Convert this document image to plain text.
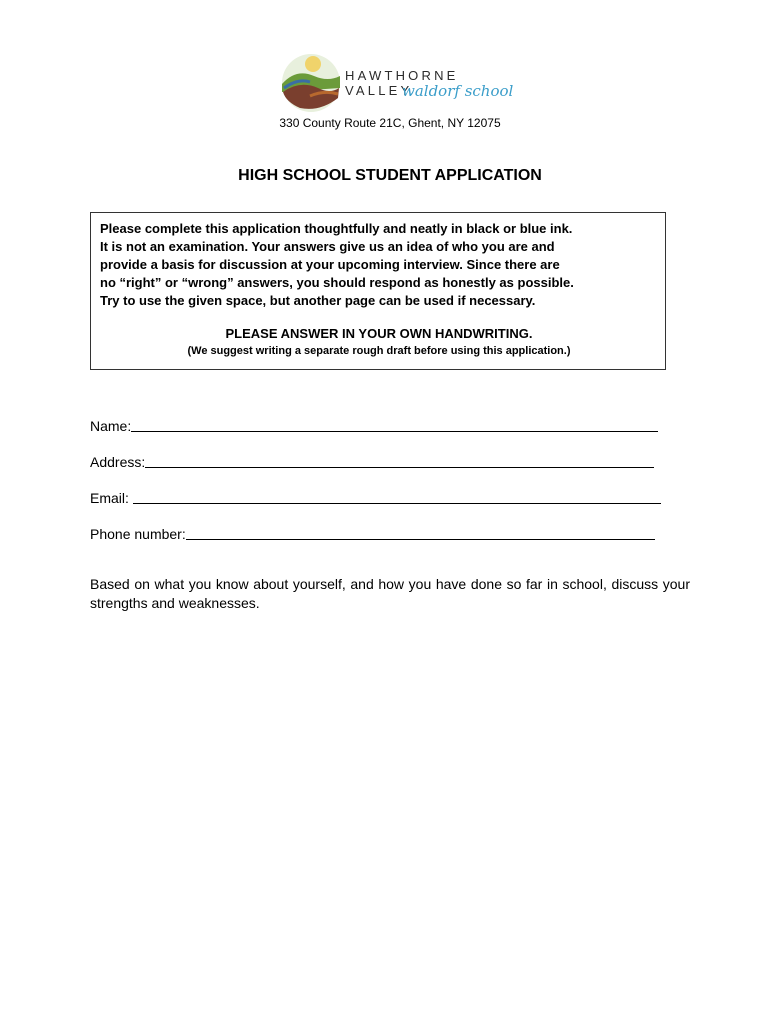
HAWTHORNE
VALLEY
waldorf school
330 County Route 21C, Ghent, NY 12075
HIGH SCHOOL STUDENT APPLICATION
Please complete this application thoughtfully and neatly in black or blue ink.
It is not an examination. Your answers give us an idea of who you are and
provide a basis for discussion at your upcoming interview. Since there are
no “right” or “wrong” answers, you should respond as honestly as possible.
Try to use the given space, but another page can be used if necessary.
PLEASE ANSWER IN YOUR OWN HANDWRITING.
(We suggest writing a separate rough draft before using this application.)
Name:
Address:
Email:
Phone number:
Based on what you know about yourself, and how you have done so far in school, discuss your strengths and weaknesses.
